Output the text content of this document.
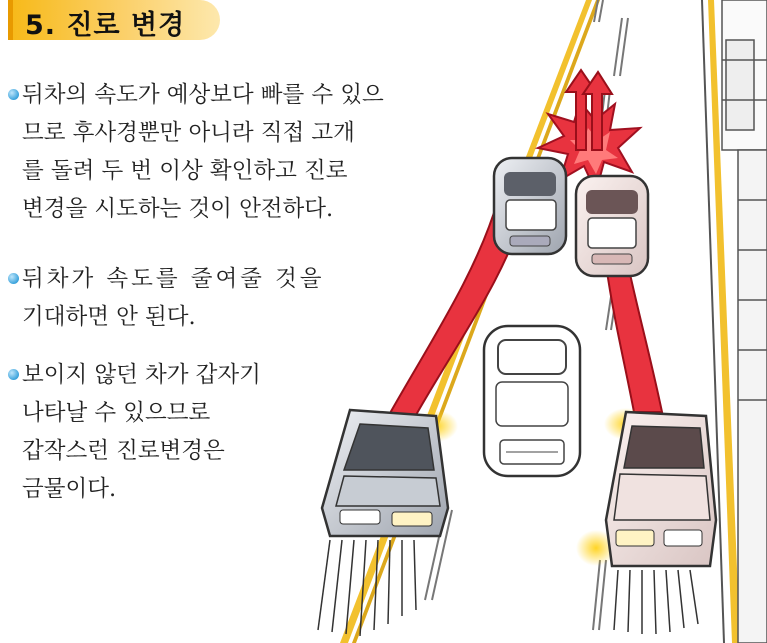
5. 진로 변경
뒤차의 속도가 예상보다 빠를 수 있으
므로 후사경뿐만 아니라 직접 고개
를 돌려 두 번 이상 확인하고 진로
변경을 시도하는 것이 안전하다.
뒤차가 속도를 줄여줄 것을
기대하면 안 된다.
보이지 않던 차가 갑자기
나타날 수 있으므로
갑작스런 진로변경은
금물이다.
